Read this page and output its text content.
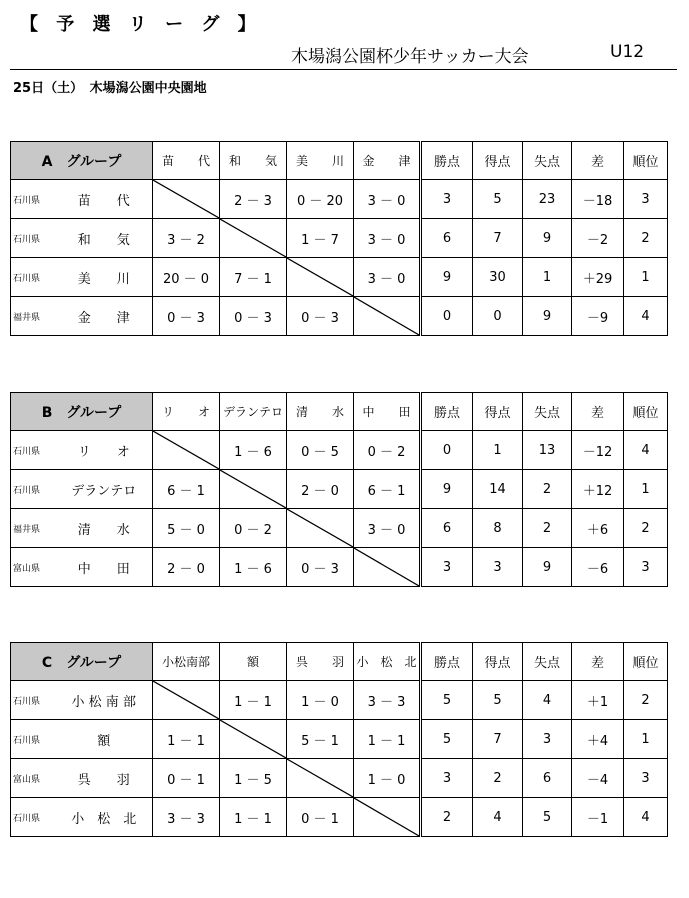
【 予 選 リ ー グ 】
木場潟公園杯少年サッカー大会	U12
25日（土）　木場潟公園中央園地
A　グループ		苗　　代	和　　気	美　　川	金　　津	勝点	得点	失点	差	順位
石川県	苗　　代		2 － 3	0 － 20	3 － 0	3	5	23	－18	3
石川県	和　　気	3 － 2		1 － 7	3 － 0	6	7	9	－2	2
石川県	美　　川	20 － 0	7 － 1		3 － 0	9	30	1	＋29	1
福井県	金　　津	0 － 3	0 － 3	0 － 3		0	0	9	－9	4
B　グループ		リ　　オ	デランテロ	清　　水	中　　田	勝点	得点	失点	差	順位
石川県	リ　　オ		1 － 6	0 － 5	0 － 2	0	1	13	－12	4
石川県	デランテロ	6 － 1		2 － 0	6 － 1	9	14	2	＋12	1
福井県	清　　水	5 － 0	0 － 2		3 － 0	6	8	2	＋6	2
富山県	中　　田	2 － 0	1 － 6	0 － 3		3	3	9	－6	3
C　グループ		小松南部	額	呉　　羽	小　松　北	勝点	得点	失点	差	順位
石川県	小 松 南 部		1 － 1	1 － 0	3 － 3	5	5	4	＋1	2
石川県	額	1 － 1		5 － 1	1 － 1	5	7	3	＋4	1
富山県	呉　　羽	0 － 1	1 － 5		1 － 0	3	2	6	－4	3
石川県	小　松　北	3 － 3	1 － 1	0 － 1		2	4	5	－1	4
